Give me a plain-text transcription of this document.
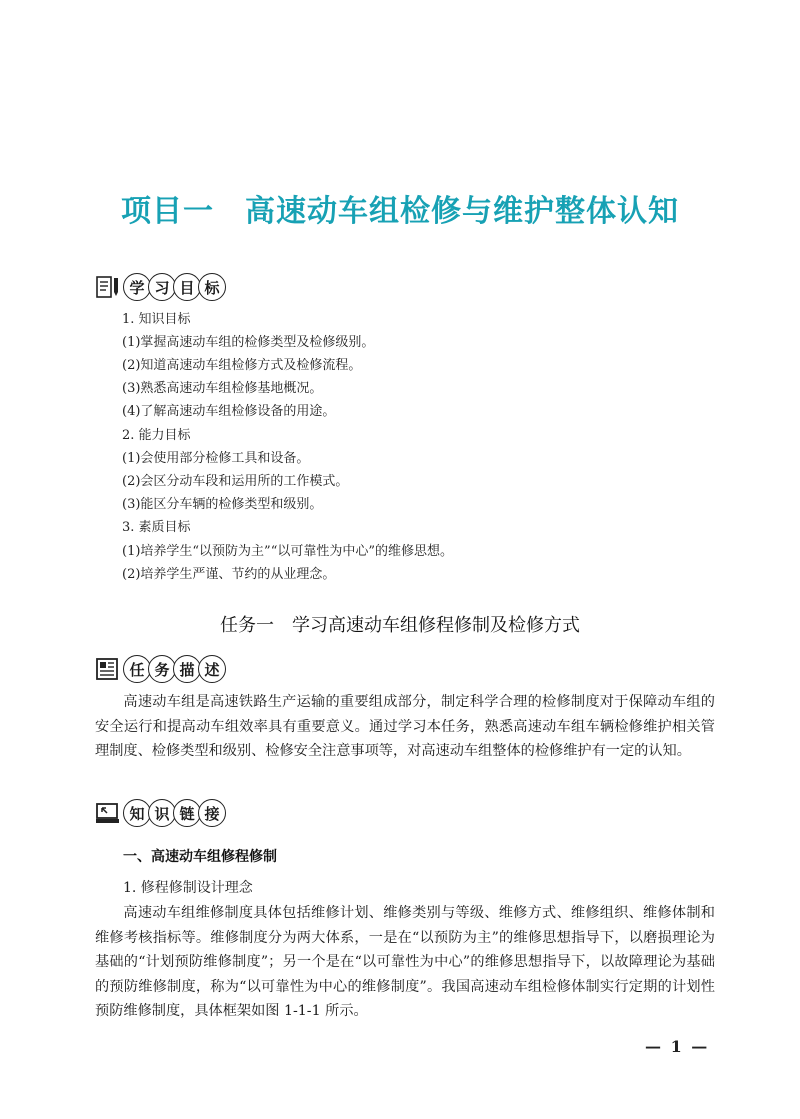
项目一　高速动车组检修与维护整体认知
学 习 目 标
1. 知识目标
(1)掌握高速动车组的检修类型及检修级别。
(2)知道高速动车组检修方式及检修流程。
(3)熟悉高速动车组检修基地概况。
(4)了解高速动车组检修设备的用途。
2. 能力目标
(1)会使用部分检修工具和设备。
(2)会区分动车段和运用所的工作模式。
(3)能区分车辆的检修类型和级别。
3. 素质目标
(1)培养学生“以预防为主”“以可靠性为中心”的维修思想。
(2)培养学生严谨、节约的从业理念。
任务一　学习高速动车组修程修制及检修方式
任 务 描 述
高速动车组是高速铁路生产运输的重要组成部分，制定科学合理的检修制度对于保障动车组的安全运行和提高动车组效率具有重要意义。通过学习本任务，熟悉高速动车组车辆检修维护相关管理制度、检修类型和级别、检修安全注意事项等，对高速动车组整体的检修维护有一定的认知。
知 识 链 接
一、高速动车组修程修制
1. 修程修制设计理念
高速动车组维修制度具体包括维修计划、维修类别与等级、维修方式、维修组织、维修体制和维修考核指标等。维修制度分为两大体系，一是在“以预防为主”的维修思想指导下，以磨损理论为基础的“计划预防维修制度”；另一个是在“以可靠性为中心”的维修思想指导下，以故障理论为基础的预防维修制度，称为“以可靠性为中心的维修制度”。我国高速动车组检修体制实行定期的计划性预防维修制度，具体框架如图 1-1-1 所示。
— 1 —
